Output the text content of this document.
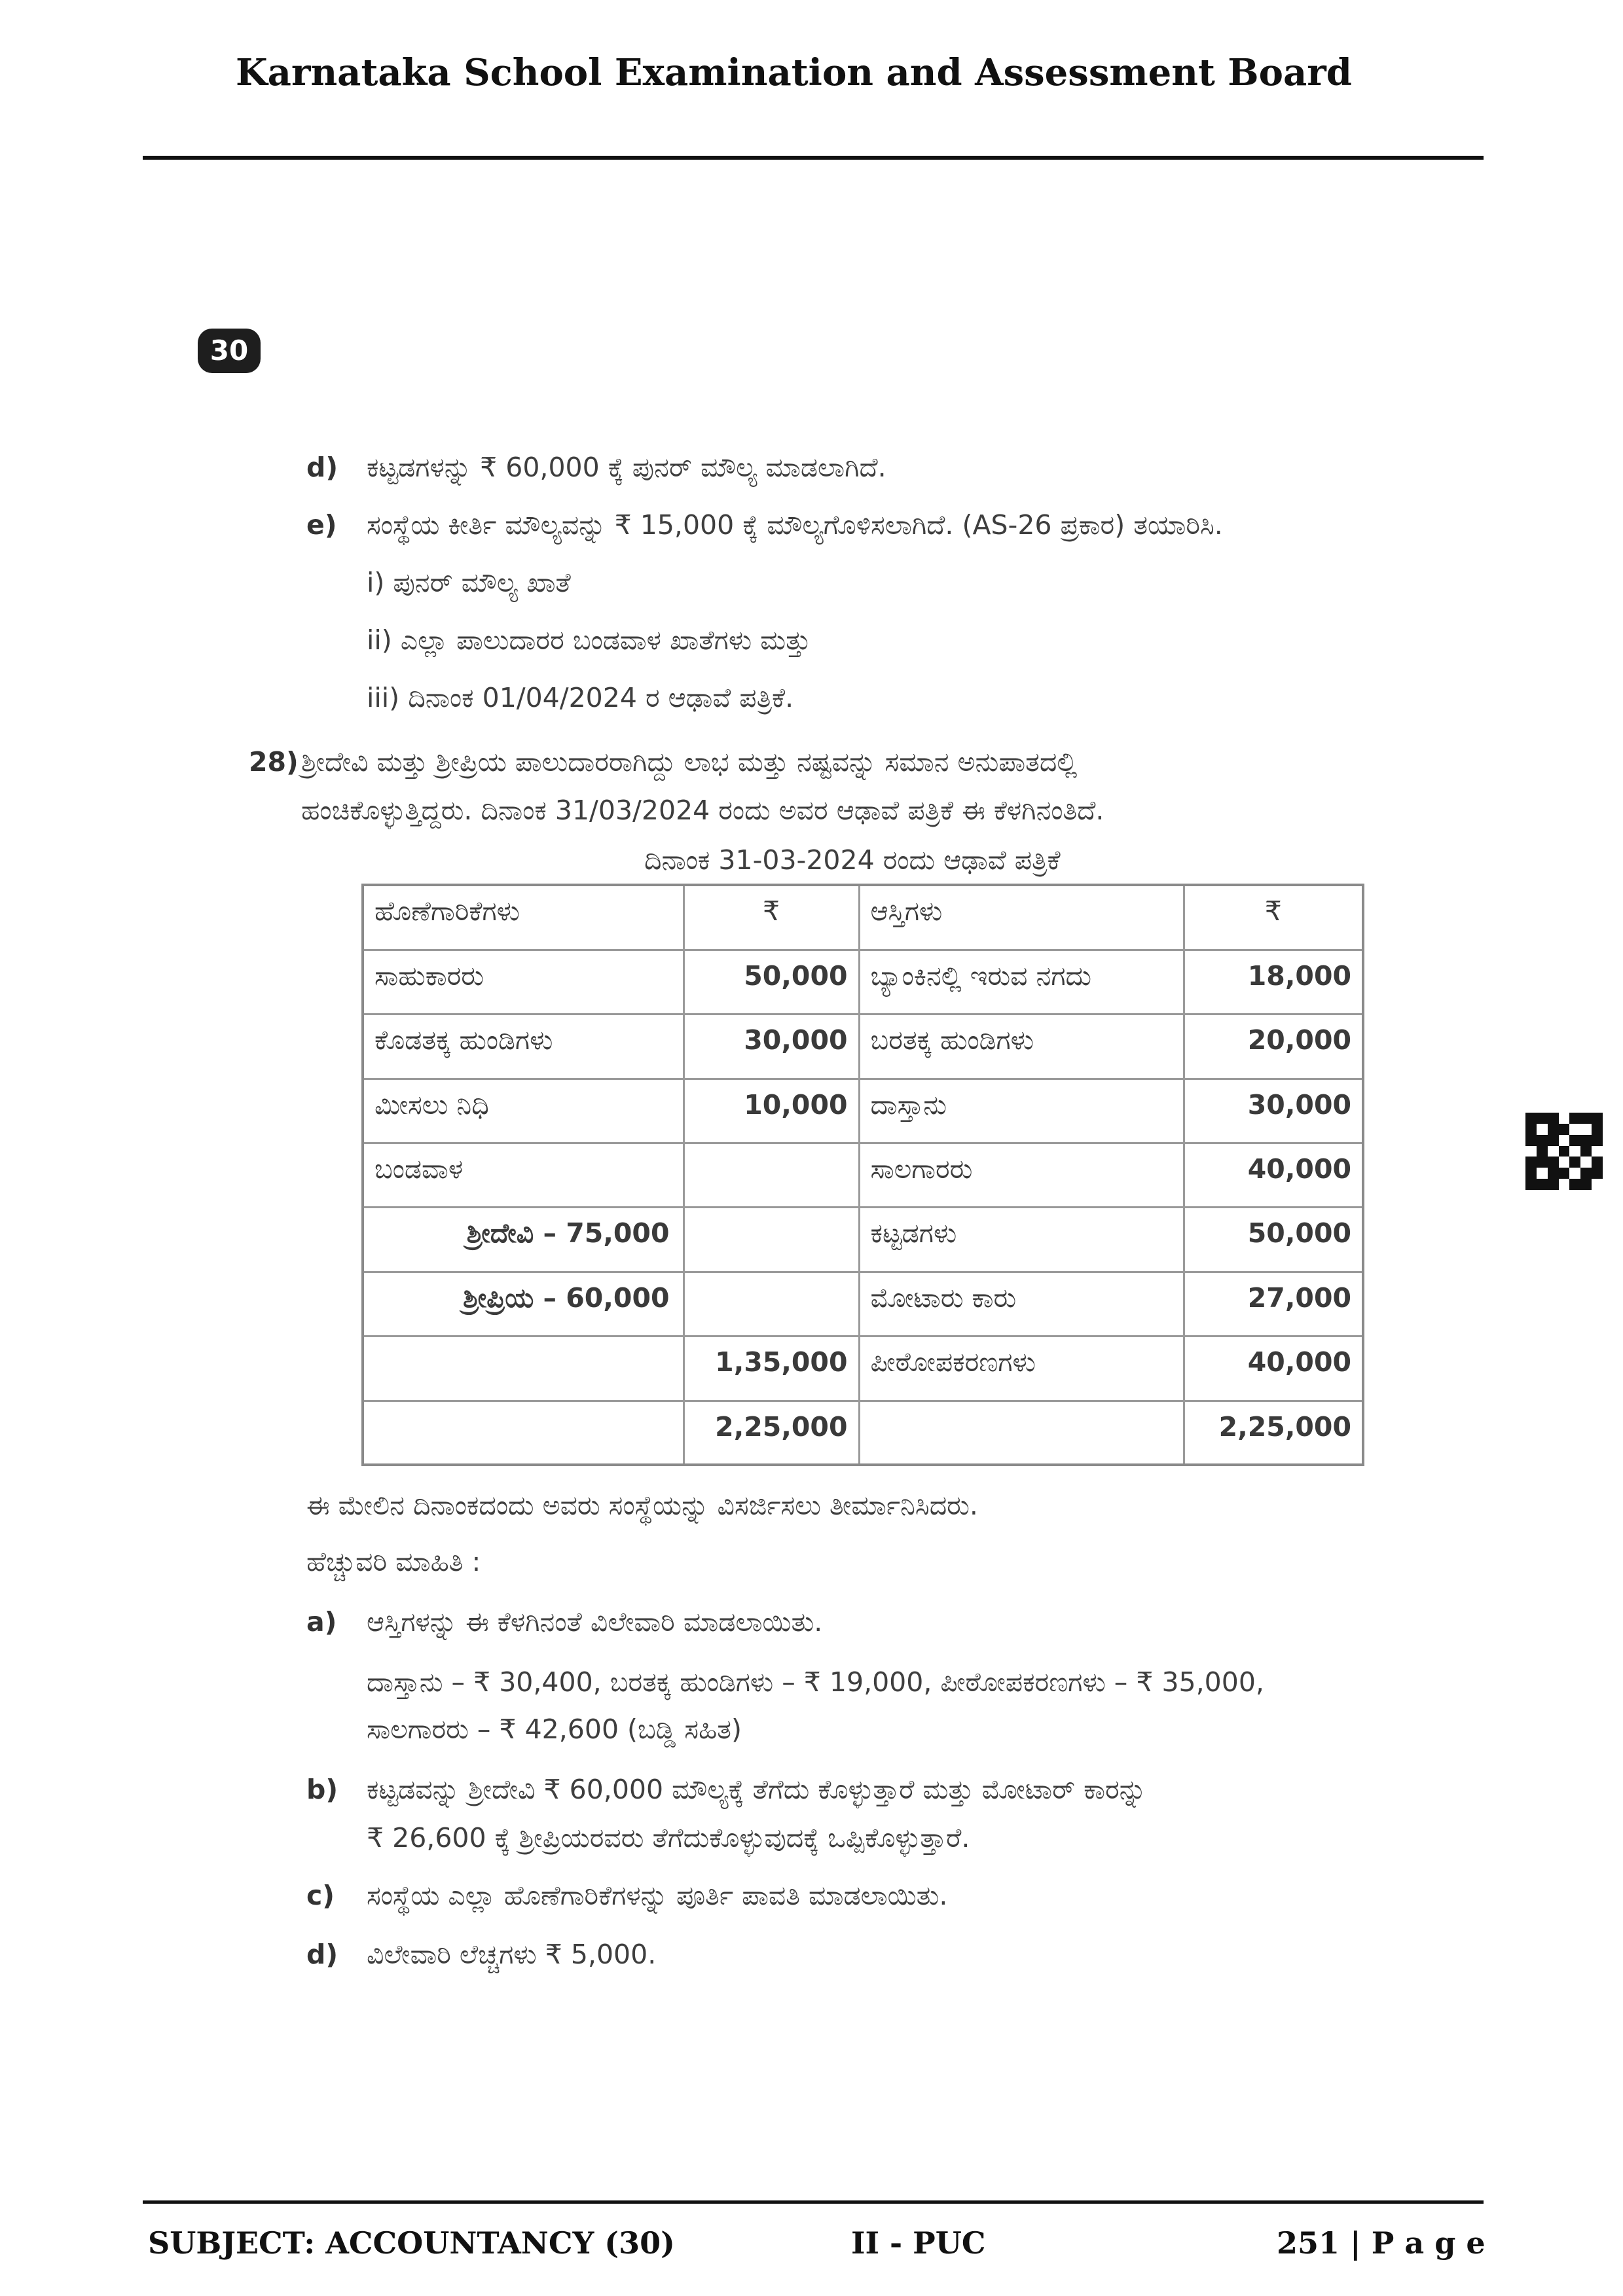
Karnataka School Examination and Assessment Board
30
d) ಕಟ್ಟಡಗಳನ್ನು ₹ 60,000 ಕ್ಕೆ ಪುನರ್ ಮೌಲ್ಯ ಮಾಡಲಾಗಿದೆ.
e) ಸಂಸ್ಥೆಯ ಕೀರ್ತಿ ಮೌಲ್ಯವನ್ನು ₹ 15,000 ಕ್ಕೆ ಮೌಲ್ಯಗೊಳಿಸಲಾಗಿದೆ. (AS-26 ಪ್ರಕಾರ) ತಯಾರಿಸಿ.
i) ಪುನರ್ ಮೌಲ್ಯ ಖಾತೆ
ii) ಎಲ್ಲಾ ಪಾಲುದಾರರ ಬಂಡವಾಳ ಖಾತೆಗಳು ಮತ್ತು
iii) ದಿನಾಂಕ 01/04/2024 ರ ಆಢಾವೆ ಪತ್ರಿಕೆ.
28) ಶ್ರೀದೇವಿ ಮತ್ತು ಶ್ರೀಪ್ರಿಯ ಪಾಲುದಾರರಾಗಿದ್ದು ಲಾಭ ಮತ್ತು ನಷ್ಟವನ್ನು ಸಮಾನ ಅನುಪಾತದಲ್ಲಿ
ಹಂಚಿಕೊಳ್ಳುತ್ತಿದ್ದರು. ದಿನಾಂಕ 31/03/2024 ರಂದು ಅವರ ಆಢಾವೆ ಪತ್ರಿಕೆ ಈ ಕೆಳಗಿನಂತಿದೆ.
ದಿನಾಂಕ 31-03-2024 ರಂದು ಆಢಾವೆ ಪತ್ರಿಕೆ
ಹೊಣೆಗಾರಿಕೆಗಳು	₹	ಆಸ್ತಿಗಳು	₹
ಸಾಹುಕಾರರು	50,000	ಬ್ಯಾಂಕಿನಲ್ಲಿ ಇರುವ ನಗದು	18,000
ಕೊಡತಕ್ಕ ಹುಂಡಿಗಳು	30,000	ಬರತಕ್ಕ ಹುಂಡಿಗಳು	20,000
ಮೀಸಲು ನಿಧಿ	10,000	ದಾಸ್ತಾನು	30,000
ಬಂಡವಾಳ		ಸಾಲಗಾರರು	40,000
ಶ್ರೀದೇವಿ – 75,000		ಕಟ್ಟಡಗಳು	50,000
ಶ್ರೀಪ್ರಿಯ – 60,000		ಮೋಟಾರು ಕಾರು	27,000
	1,35,000	ಪೀಠೋಪಕರಣಗಳು	40,000
	2,25,000		2,25,000
ಈ ಮೇಲಿನ ದಿನಾಂಕದಂದು ಅವರು ಸಂಸ್ಥೆಯನ್ನು ವಿಸರ್ಜಿಸಲು ತೀರ್ಮಾನಿಸಿದರು.
ಹೆಚ್ಚುವರಿ ಮಾಹಿತಿ :
a) ಆಸ್ತಿಗಳನ್ನು ಈ ಕೆಳಗಿನಂತೆ ವಿಲೇವಾರಿ ಮಾಡಲಾಯಿತು.
ದಾಸ್ತಾನು – ₹ 30,400, ಬರತಕ್ಕ ಹುಂಡಿಗಳು – ₹ 19,000, ಪೀಠೋಪಕರಣಗಳು – ₹ 35,000,
ಸಾಲಗಾರರು – ₹ 42,600 (ಬಡ್ಡಿ ಸಹಿತ)
b) ಕಟ್ಟಡವನ್ನು ಶ್ರೀದೇವಿ ₹ 60,000 ಮೌಲ್ಯಕ್ಕೆ ತೆಗೆದು ಕೊಳ್ಳುತ್ತಾರೆ ಮತ್ತು ಮೋಟಾರ್ ಕಾರನ್ನು
₹ 26,600 ಕ್ಕೆ ಶ್ರೀಪ್ರಿಯರವರು ತೆಗೆದುಕೊಳ್ಳುವುದಕ್ಕೆ ಒಪ್ಪಿಕೊಳ್ಳುತ್ತಾರೆ.
c) ಸಂಸ್ಥೆಯ ಎಲ್ಲಾ ಹೊಣೆಗಾರಿಕೆಗಳನ್ನು ಪೂರ್ತಿ ಪಾವತಿ ಮಾಡಲಾಯಿತು.
d) ವಿಲೇವಾರಿ ಲೆಚ್ಚಗಳು ₹ 5,000.
SUBJECT: ACCOUNTANCY (30)	II - PUC	251 | P a g e
